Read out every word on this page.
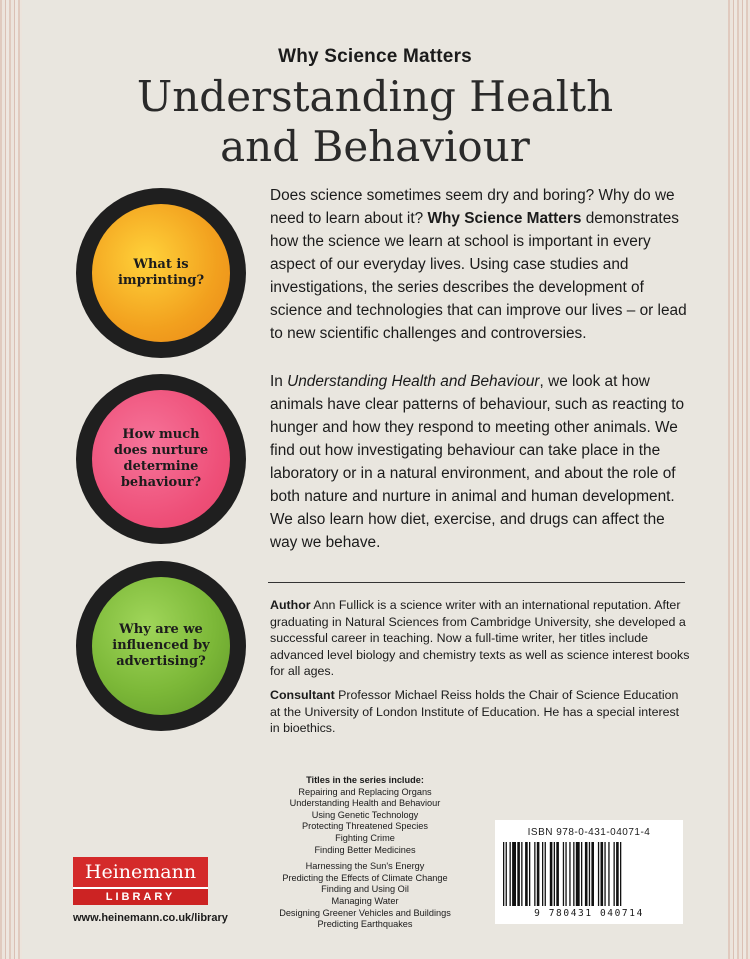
Why Science Matters
Understanding Health
and Behaviour
What is imprinting?
How much does nurture determine behaviour?
Why are we influenced by advertising?

Does science sometimes seem dry and boring? Why do we need to learn about it? Why Science Matters demonstrates how the science we learn at school is important in every aspect of our everyday lives. Using case studies and investigations, the series describes the development of science and technologies that can improve our lives – or lead to new scientific challenges and controversies.

In Understanding Health and Behaviour, we look at how animals have clear patterns of behaviour, such as reacting to hunger and how they respond to meeting other animals. We find out how investigating behaviour can take place in the laboratory or in a natural environment, and about the role of both nature and nurture in animal and human development. We also learn how diet, exercise, and drugs can affect the way we behave.

Author Ann Fullick is a science writer with an international reputation. After graduating in Natural Sciences from Cambridge University, she developed a successful career in teaching. Now a full-time writer, her titles include advanced level biology and chemistry texts as well as science interest books for all ages.

Consultant Professor Michael Reiss holds the Chair of Science Education at the University of London Institute of Education. He has a special interest in bioethics.

Titles in the series include:
Repairing and Replacing Organs
Understanding Health and Behaviour
Using Genetic Technology
Protecting Threatened Species
Fighting Crime
Finding Better Medicines
Harnessing the Sun's Energy
Predicting the Effects of Climate Change
Finding and Using Oil
Managing Water
Designing Greener Vehicles and Buildings
Predicting Earthquakes
Heinemann
LIBRARY
www.heinemann.co.uk/library
ISBN 978-0-431-04071-4
9 780431 040714
